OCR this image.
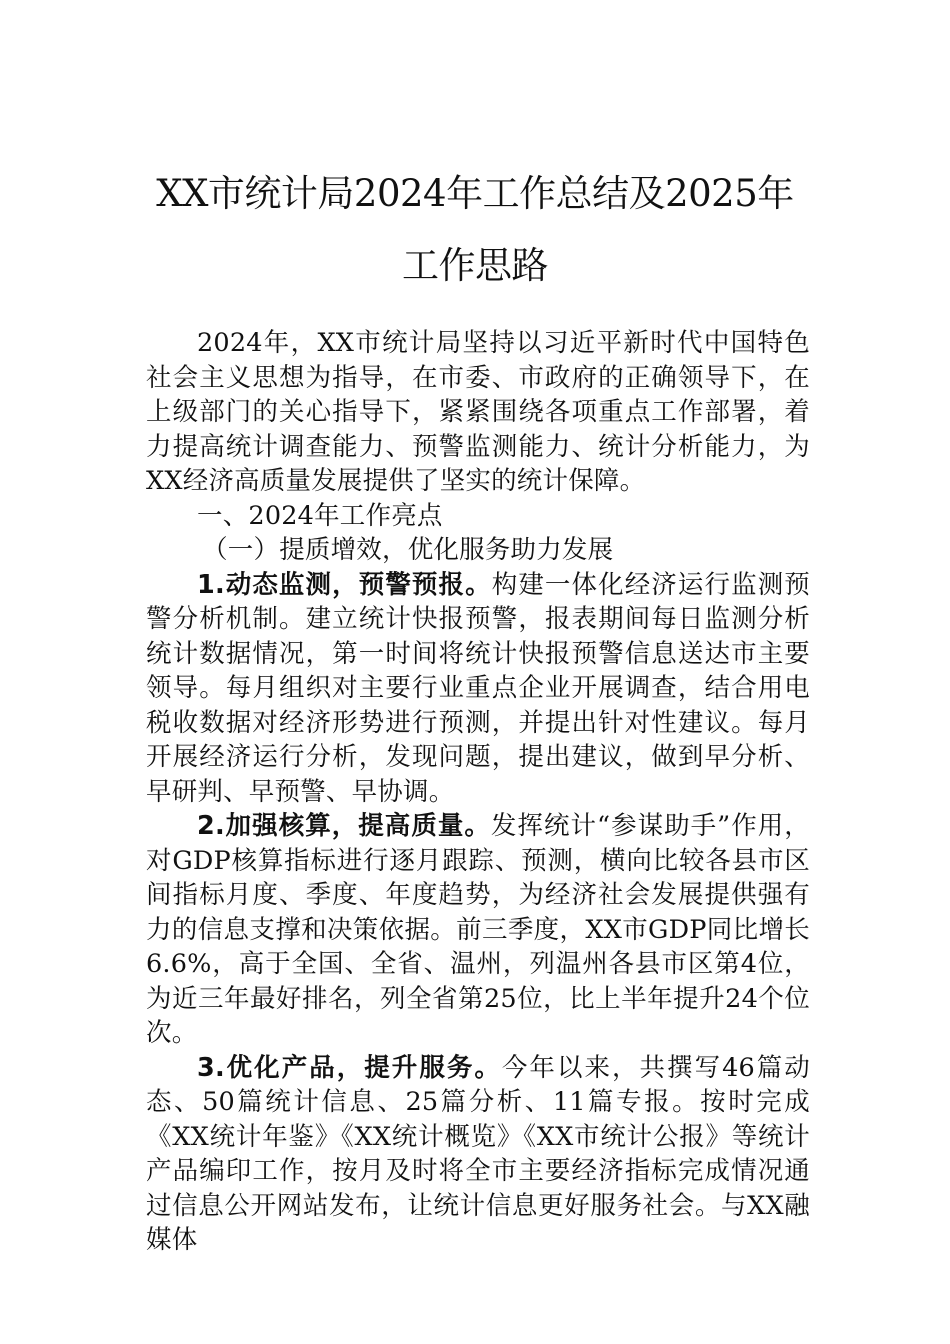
XX市统计局2024年工作总结及2025年工作思路

2024年，XX市统计局坚持以习近平新时代中国特色社会主义思想为指导，在市委、市政府的正确领导下，在上级部门的关心指导下，紧紧围绕各项重点工作部署，着力提高统计调查能力、预警监测能力、统计分析能力，为XX经济高质量发展提供了坚实的统计保障。

一、2024年工作亮点

（一）提质增效，优化服务助力发展

1.动态监测，预警预报。构建一体化经济运行监测预警分析机制。建立统计快报预警，报表期间每日监测分析统计数据情况，第一时间将统计快报预警信息送达市主要领导。每月组织对主要行业重点企业开展调查，结合用电税收数据对经济形势进行预测，并提出针对性建议。每月开展经济运行分析，发现问题，提出建议，做到早分析、早研判、早预警、早协调。

2.加强核算，提高质量。发挥统计“参谋助手”作用，对GDP核算指标进行逐月跟踪、预测，横向比较各县市区间指标月度、季度、年度趋势，为经济社会发展提供强有力的信息支撑和决策依据。前三季度，XX市GDP同比增长6.6%，高于全国、全省、温州，列温州各县市区第4位，为近三年最好排名，列全省第25位，比上半年提升24个位次。

3.优化产品，提升服务。今年以来，共撰写46篇动态、50篇统计信息、25篇分析、11篇专报。按时完成《XX统计年鉴》《XX统计概览》《XX市统计公报》等统计产品编印工作，按月及时将全市主要经济指标完成情况通过信息公开网站发布，让统计信息更好服务社会。与XX融媒体
